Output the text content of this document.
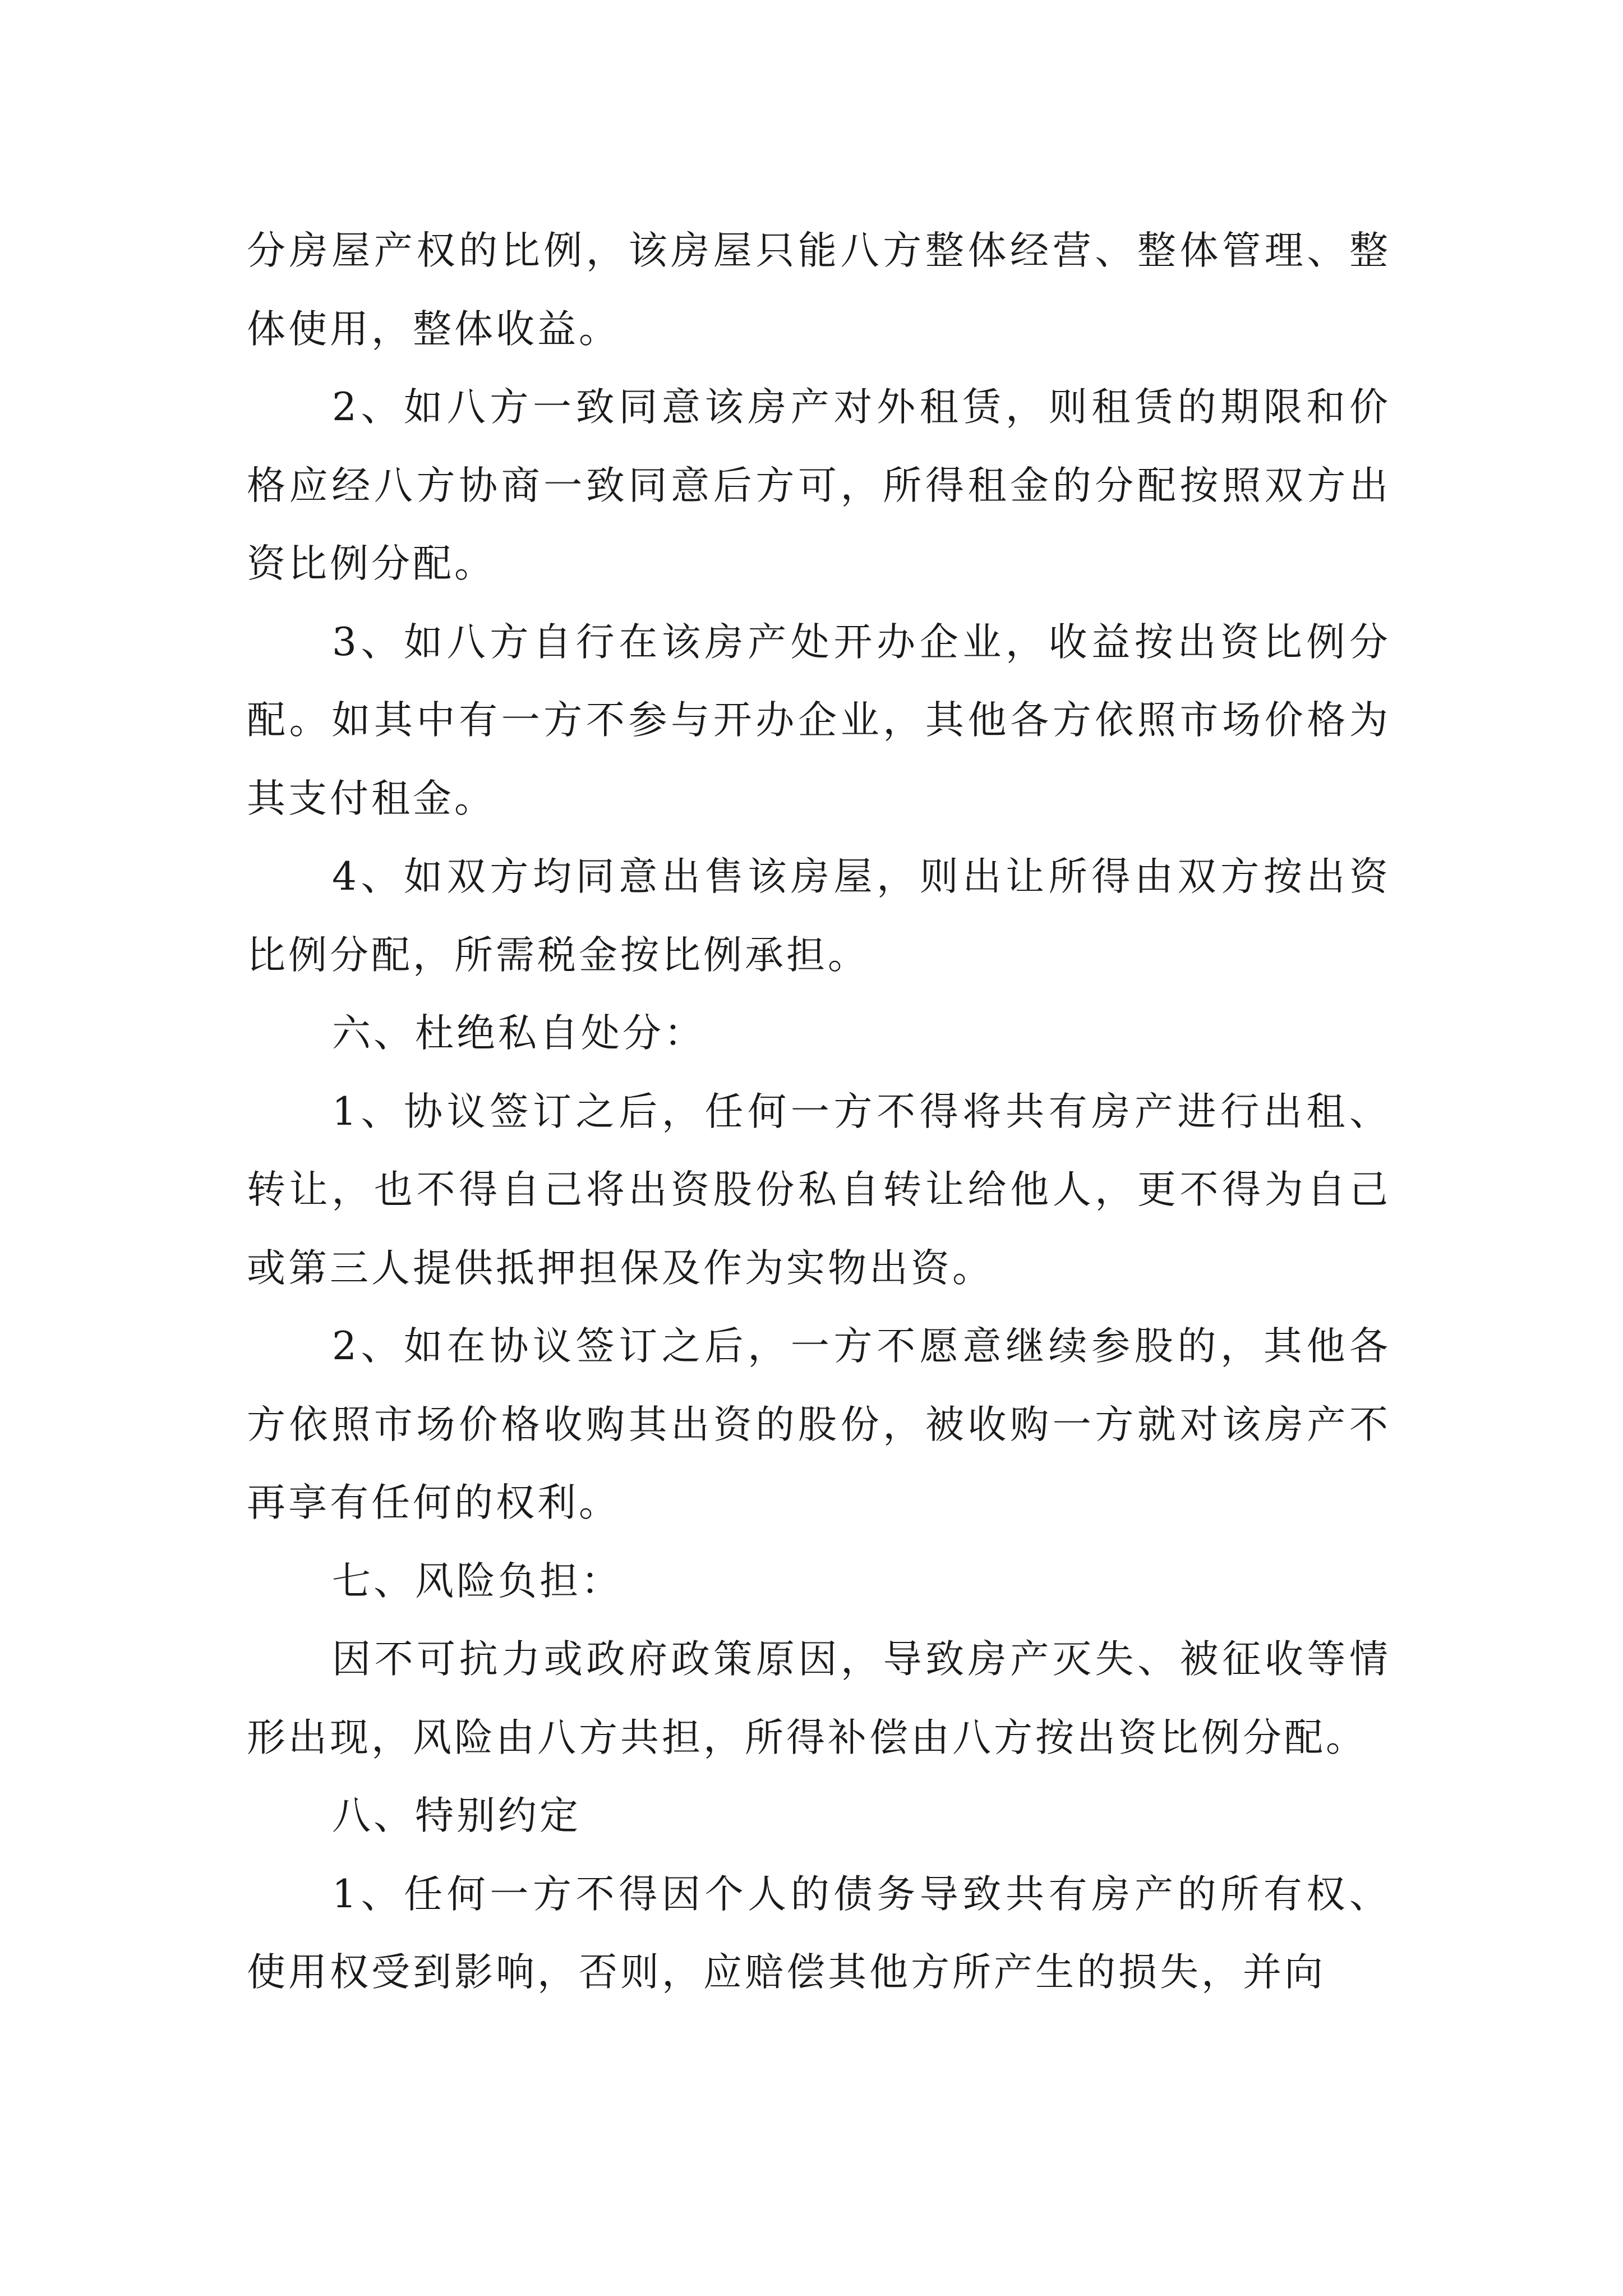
分房屋产权的比例，该房屋只能八方整体经营、整体管理、整体使用，整体收益。

2、如八方一致同意该房产对外租赁，则租赁的期限和价格应经八方协商一致同意后方可，所得租金的分配按照双方出资比例分配。

3、如八方自行在该房产处开办企业，收益按出资比例分配。如其中有一方不参与开办企业，其他各方依照市场价格为其支付租金。

4、如双方均同意出售该房屋，则出让所得由双方按出资比例分配，所需税金按比例承担。

六、杜绝私自处分：

1、协议签订之后，任何一方不得将共有房产进行出租、转让，也不得自己将出资股份私自转让给他人，更不得为自己或第三人提供抵押担保及作为实物出资。

2、如在协议签订之后，一方不愿意继续参股的，其他各方依照市场价格收购其出资的股份，被收购一方就对该房产不再享有任何的权利。

七、风险负担：

因不可抗力或政府政策原因，导致房产灭失、被征收等情形出现，风险由八方共担，所得补偿由八方按出资比例分配。

八、特别约定

1、任何一方不得因个人的债务导致共有房产的所有权、使用权受到影响，否则，应赔偿其他方所产生的损失，并向
